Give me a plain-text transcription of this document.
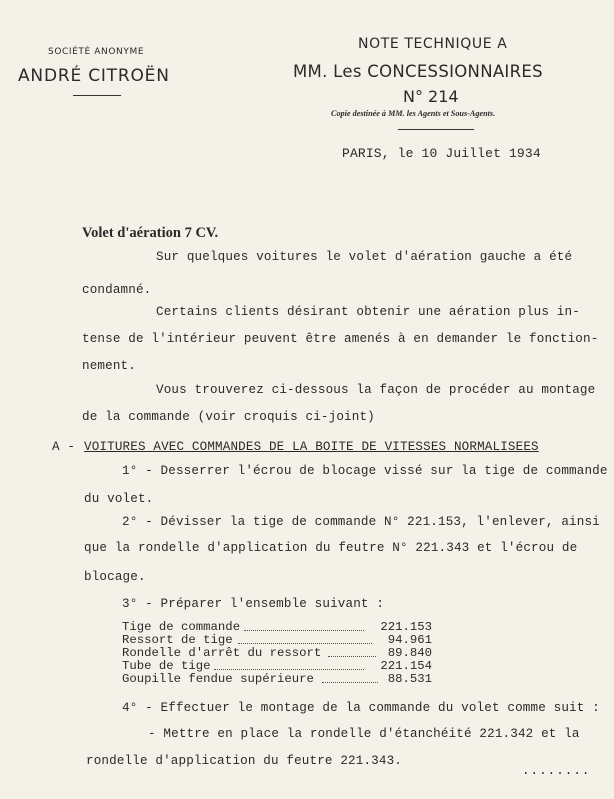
SOCIÉTÉ ANONYME
ANDRÉ CITROËN
NOTE TECHNIQUE A
MM. Les CONCESSIONNAIRES
N° 214
Copie destinée à MM. les Agents et Sous-Agents.
PARIS, le 10 Juillet 1934
Volet d'aération 7 CV.
Sur quelques voitures le volet d'aération gauche a été
condamné.
Certains clients désirant obtenir une aération plus in-
tense de l'intérieur peuvent être amenés à en demander le fonction-
nement.
Vous trouverez ci-dessous la façon de procéder au montage
de la commande (voir croquis ci-joint)
A - VOITURES AVEC COMMANDES DE LA BOITE DE VITESSES NORMALISEES
1° - Desserrer l'écrou de blocage vissé sur la tige de commande
du volet.
2° - Dévisser la tige de commande N° 221.153, l'enlever, ainsi
que la rondelle d'application du feutre N° 221.343 et l'écrou de
blocage.
3° - Préparer l'ensemble suivant :
Tige de commande	221.153
Ressort de tige	94.961
Rondelle d'arrêt du ressort	89.840
Tube de tige	221.154
Goupille fendue supérieure	88.531
4° - Effectuer le montage de la commande du volet comme suit :
- Mettre en place la rondelle d'étanchéité 221.342 et la
rondelle d'application du feutre 221.343.
........
